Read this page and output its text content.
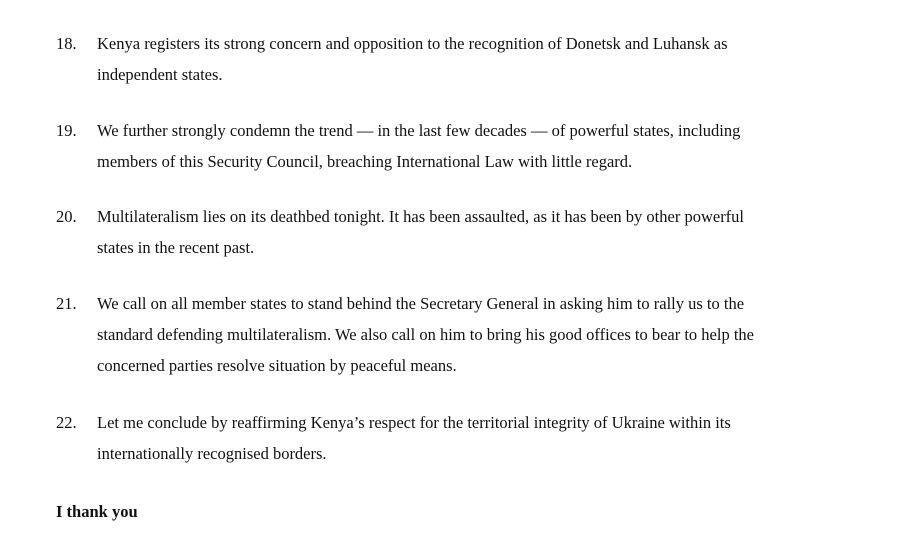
18. Kenya registers its strong concern and opposition to the recognition of Donetsk and Luhansk as
independent states.
19. We further strongly condemn the trend — in the last few decades — of powerful states, including
members of this Security Council, breaching International Law with little regard.
20. Multilateralism lies on its deathbed tonight. It has been assaulted, as it has been by other powerful
states in the recent past.
21. We call on all member states to stand behind the Secretary General in asking him to rally us to the
standard defending multilateralism. We also call on him to bring his good offices to bear to help the
concerned parties resolve situation by peaceful means.
22. Let me conclude by reaffirming Kenya’s respect for the territorial integrity of Ukraine within its
internationally recognised borders.
I thank you
